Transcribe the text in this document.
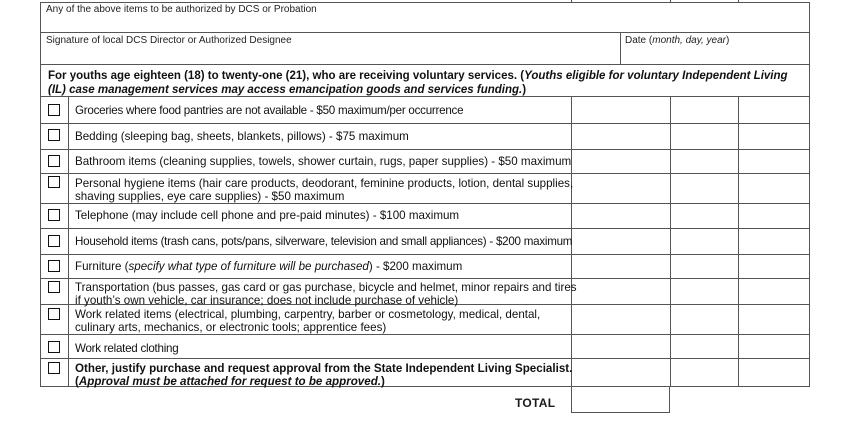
Any of the above items to be authorized by DCS or Probation
Signature of local DCS Director or Authorized Designee	Date (month, day, year)
For youths age eighteen (18) to twenty-one (21), who are receiving voluntary services. (Youths eligible for voluntary Independent Living (IL) case management services may access emancipation goods and services funding.)
Groceries where food pantries are not available - $50 maximum/per occurrence
Bedding (sleeping bag, sheets, blankets, pillows) - $75 maximum
Bathroom items (cleaning supplies, towels, shower curtain, rugs, paper supplies) - $50 maximum
Personal hygiene items (hair care products, deodorant, feminine products, lotion, dental supplies,
shaving supplies, eye care supplies) - $50 maximum
Telephone (may include cell phone and pre-paid minutes) - $100 maximum
Household items (trash cans, pots/pans, silverware, television and small appliances) - $200 maximum
Furniture (specify what type of furniture will be purchased) - $200 maximum
Transportation (bus passes, gas card or gas purchase, bicycle and helmet, minor repairs and tires
if youth’s own vehicle, car insurance; does not include purchase of vehicle)
Work related items (electrical, plumbing, carpentry, barber or cosmetology, medical, dental,
culinary arts, mechanics, or electronic tools; apprentice fees)
Work related clothing
Other, justify purchase and request approval from the State Independent Living Specialist.
(Approval must be attached for request to be approved.)
TOTAL
